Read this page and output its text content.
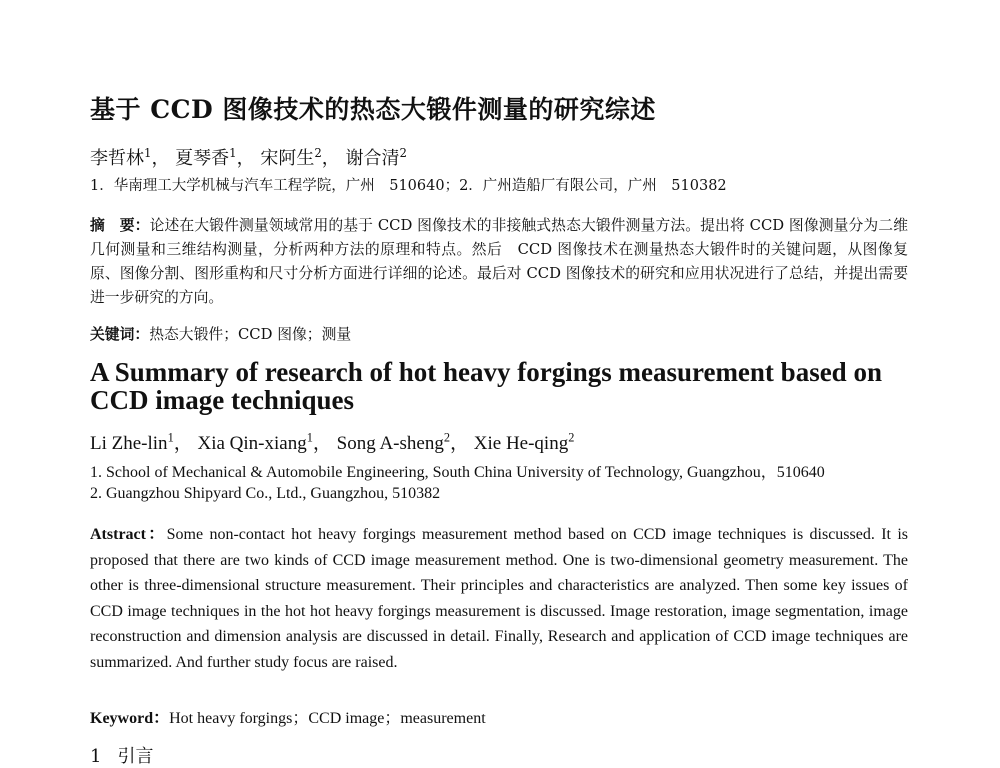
基于 CCD 图像技术的热态大锻件测量的研究综述
李哲林$^1$， 夏琴香$^1$， 宋阿生$^2$， 谢合清$^2$
1．华南理工大学机械与汽车工程学院，广州　510640；2．广州造船厂有限公司，广州　510382
摘　要：论述在大锻件测量领域常用的基于 CCD 图像技术的非接触式热态大锻件测量方法。提出将 CCD 图像测量分为二维几何测量和三维结构测量，分析两种方法的原理和特点。然后　CCD 图像技术在测量热态大锻件时的关键问题，从图像复原、图像分割、图形重构和尺寸分析方面进行详细的论述。最后对 CCD 图像技术的研究和应用状况进行了总结，并提出需要进一步研究的方向。
关键词：热态大锻件；CCD 图像；测量
A Summary of research of hot heavy forgings measurement based on CCD image techniques
Li Zhe-lin$^1$， Xia Qin-xiang$^1$， Song A-sheng$^2$， Xie He-qing$^2$
1. School of Mechanical & Automobile Engineering, South China University of Technology, Guangzhou，510640
2. Guangzhou Shipyard Co., Ltd., Guangzhou, 510382
Atstract：Some non-contact hot heavy forgings measurement method based on CCD image techniques is discussed. It is proposed that there are two kinds of CCD image measurement method. One is two-dimensional geometry measurement. The other is three-dimensional structure measurement. Their principles and characteristics are analyzed. Then some key issues of CCD image techniques in the hot hot heavy forgings measurement is discussed. Image restoration, image segmentation, image reconstruction and dimension analysis are discussed in detail. Finally, Research and application of CCD image techniques are summarized. And further study focus are raised.
Keyword：Hot heavy forgings；CCD image；measurement
1 引言
